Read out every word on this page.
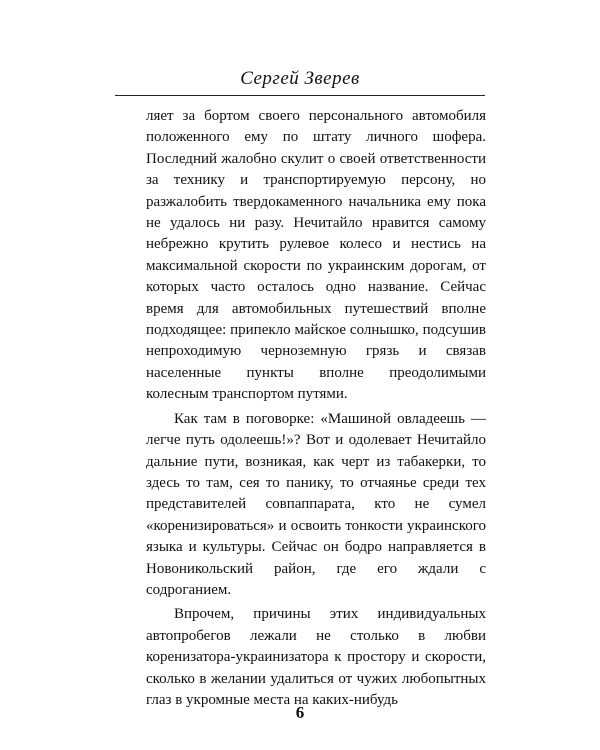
Сергей Зверев

ляет за бортом своего персонального автомобиля положенного ему по штату личного шофера. Последний жалобно скулит о своей ответственности за технику и транспортируемую персону, но разжалобить твердокаменного начальника ему пока не удалось ни разу. Нечитайло нравится самому небрежно крутить рулевое колесо и нестись на максимальной скорости по украинским дорогам, от которых часто осталось одно название. Сейчас время для автомобильных путешествий вполне подходящее: припекло майское солнышко, подсушив непроходимую черноземную грязь и связав населенные пункты вполне преодолимыми колесным транспортом путями.

Как там в поговорке: «Машиной овладеешь — легче путь одолеешь!»? Вот и одолевает Нечитайло дальние пути, возникая, как черт из табакерки, то здесь то там, сея то панику, то отчаянье среди тех представителей совпаппарата, кто не сумел «коренизироваться» и освоить тонкости украинского языка и культуры. Сейчас он бодро направляется в Новоникольский район, где его ждали с содроганием.

Впрочем, причины этих индивидуальных автопробегов лежали не столько в любви коренизатора-украинизатора к простору и скорости, сколько в желании удалиться от чужих любопытных глаз в укромные места на каких-нибудь

6
